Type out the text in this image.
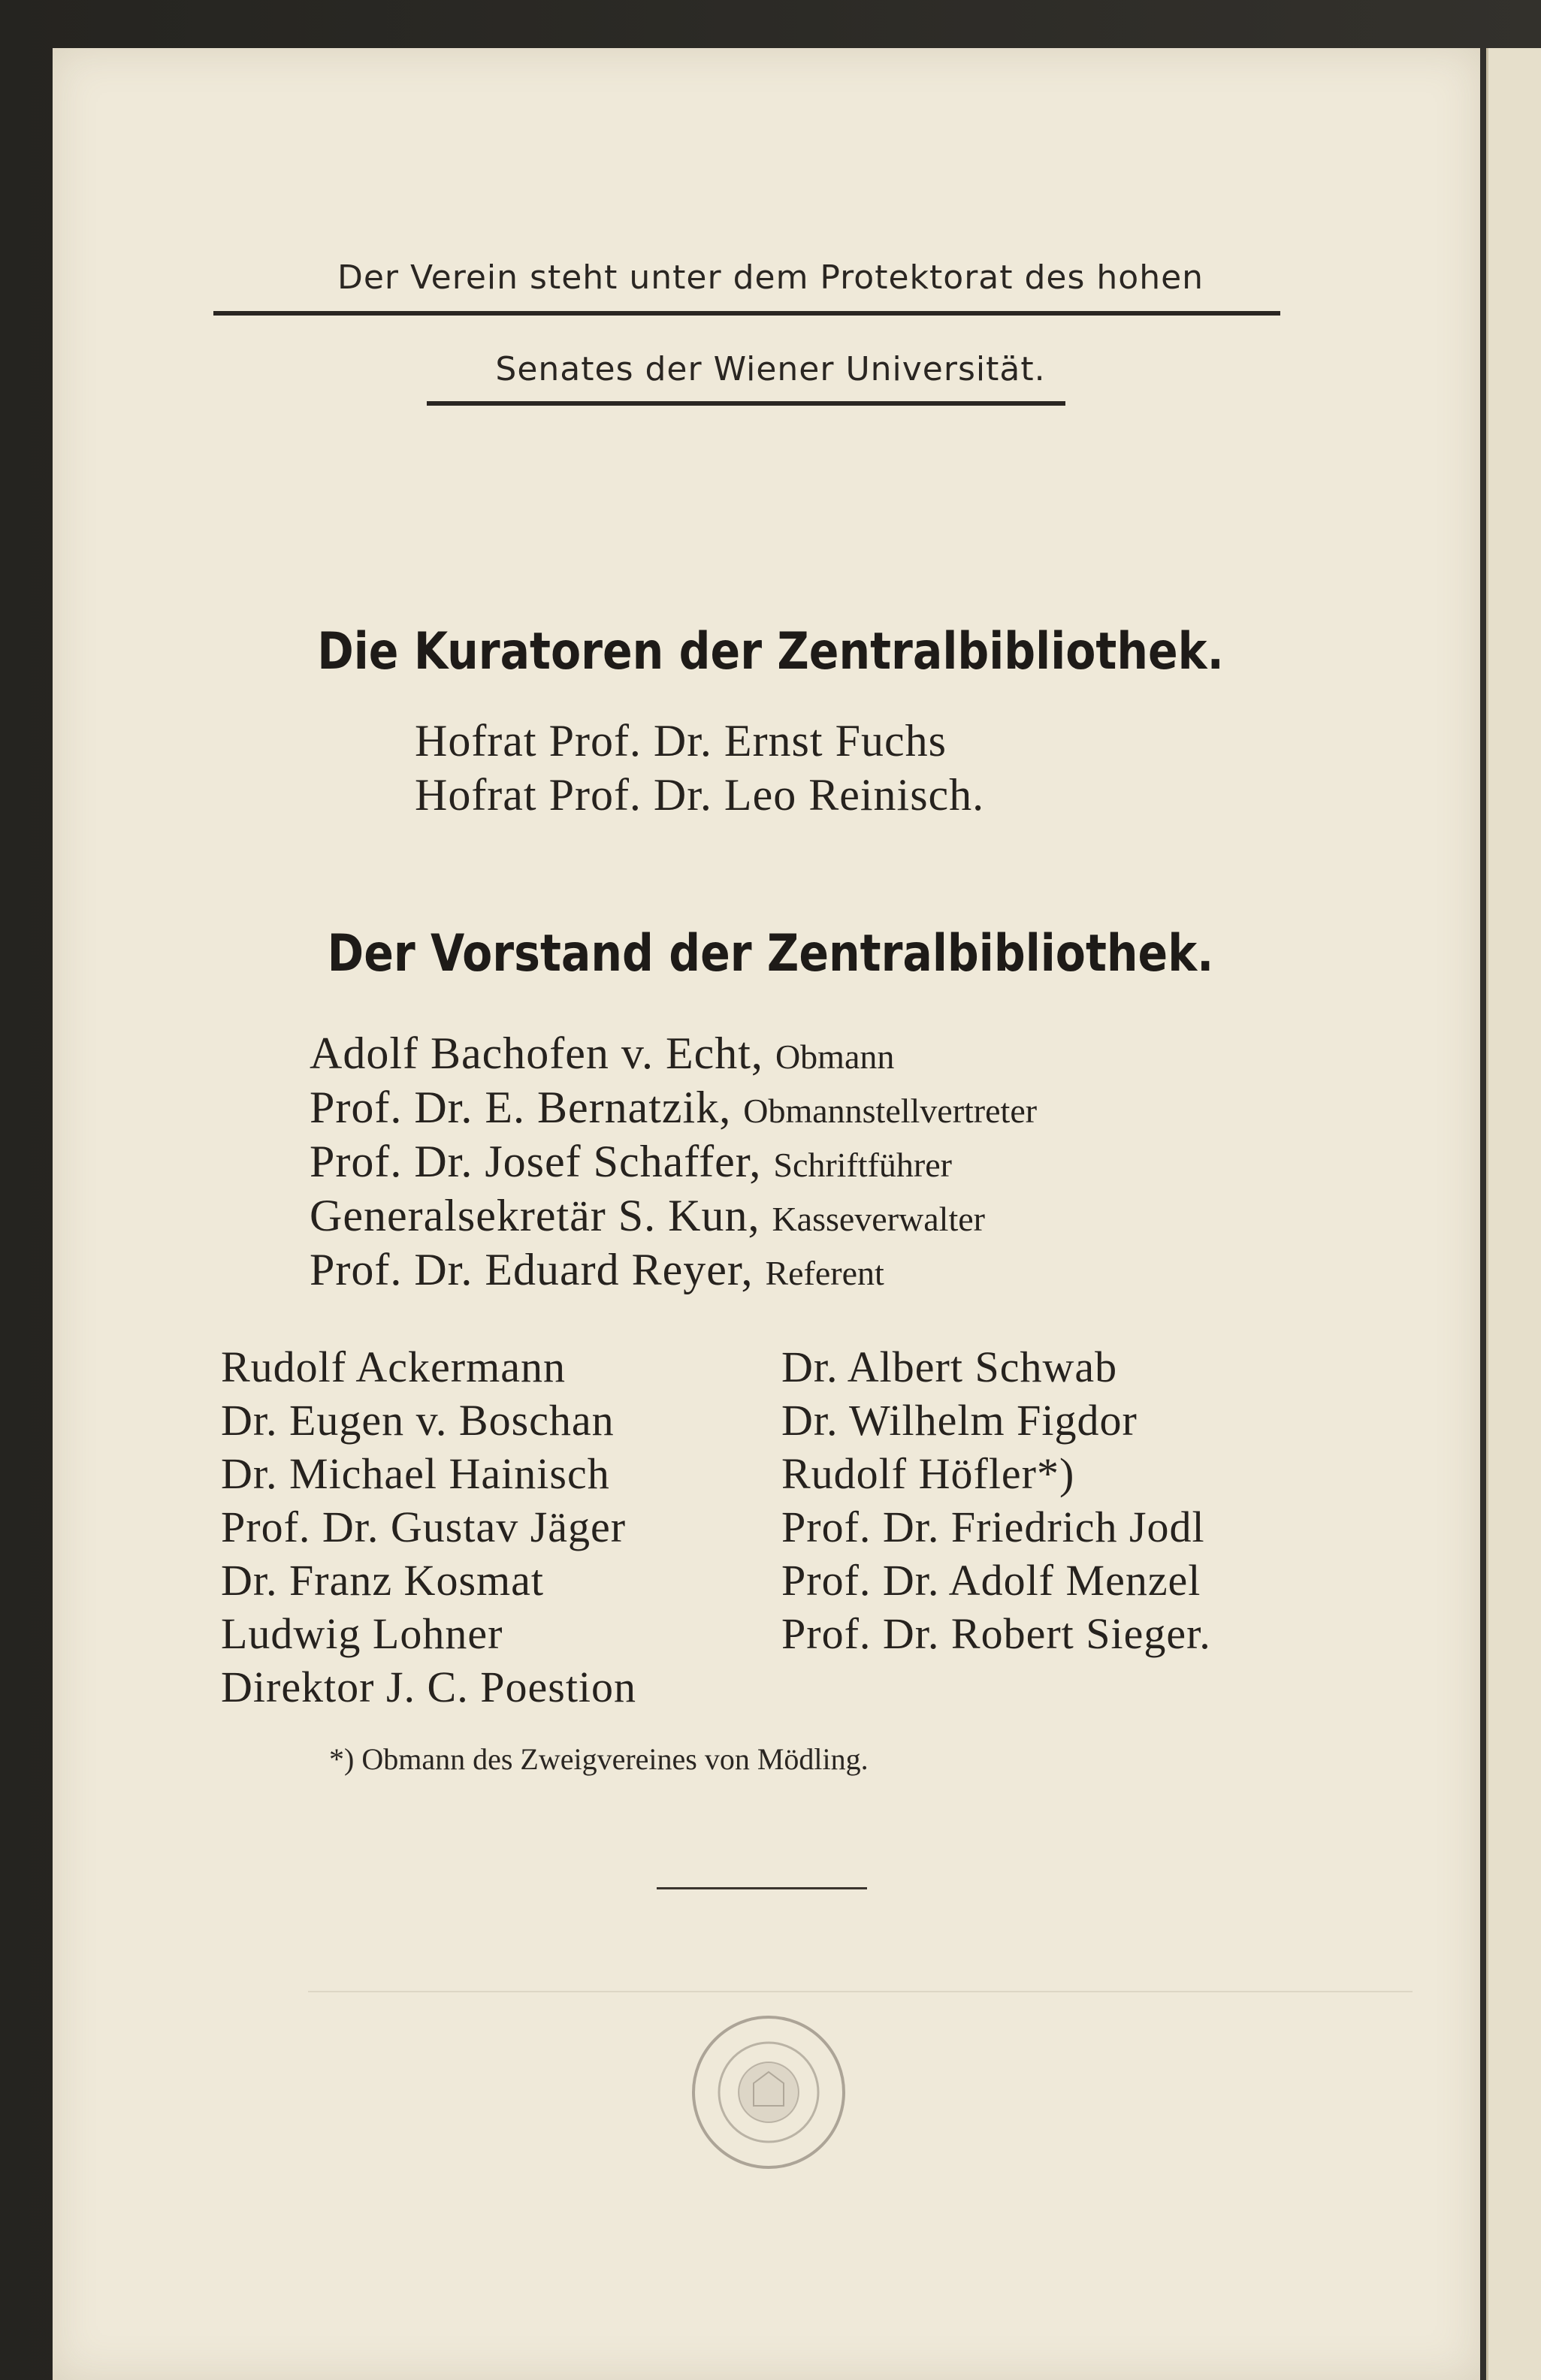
Der Verein steht unter dem Protektorat des hohen
Senates der Wiener Universität.
Die Kuratoren der Zentralbibliothek.
Hofrat Prof. Dr. Ernst Fuchs
Hofrat Prof. Dr. Leo Reinisch.
Der Vorstand der Zentralbibliothek.
Adolf Bachofen v. Echt, Obmann
Prof. Dr. E. Bernatzik, Obmannstellvertreter
Prof. Dr. Josef Schaffer, Schriftführer
Generalsekretär S. Kun, Kasseverwalter
Prof. Dr. Eduard Reyer, Referent
Rudolf Ackermann
Dr. Eugen v. Boschan
Dr. Michael Hainisch
Prof. Dr. Gustav Jäger
Dr. Franz Kosmat
Ludwig Lohner
Direktor J. C. Poestion
Dr. Albert Schwab
Dr. Wilhelm Figdor
Rudolf Höfler*)
Prof. Dr. Friedrich Jodl
Prof. Dr. Adolf Menzel
Prof. Dr. Robert Sieger.
*) Obmann des Zweigvereines von Mödling.
